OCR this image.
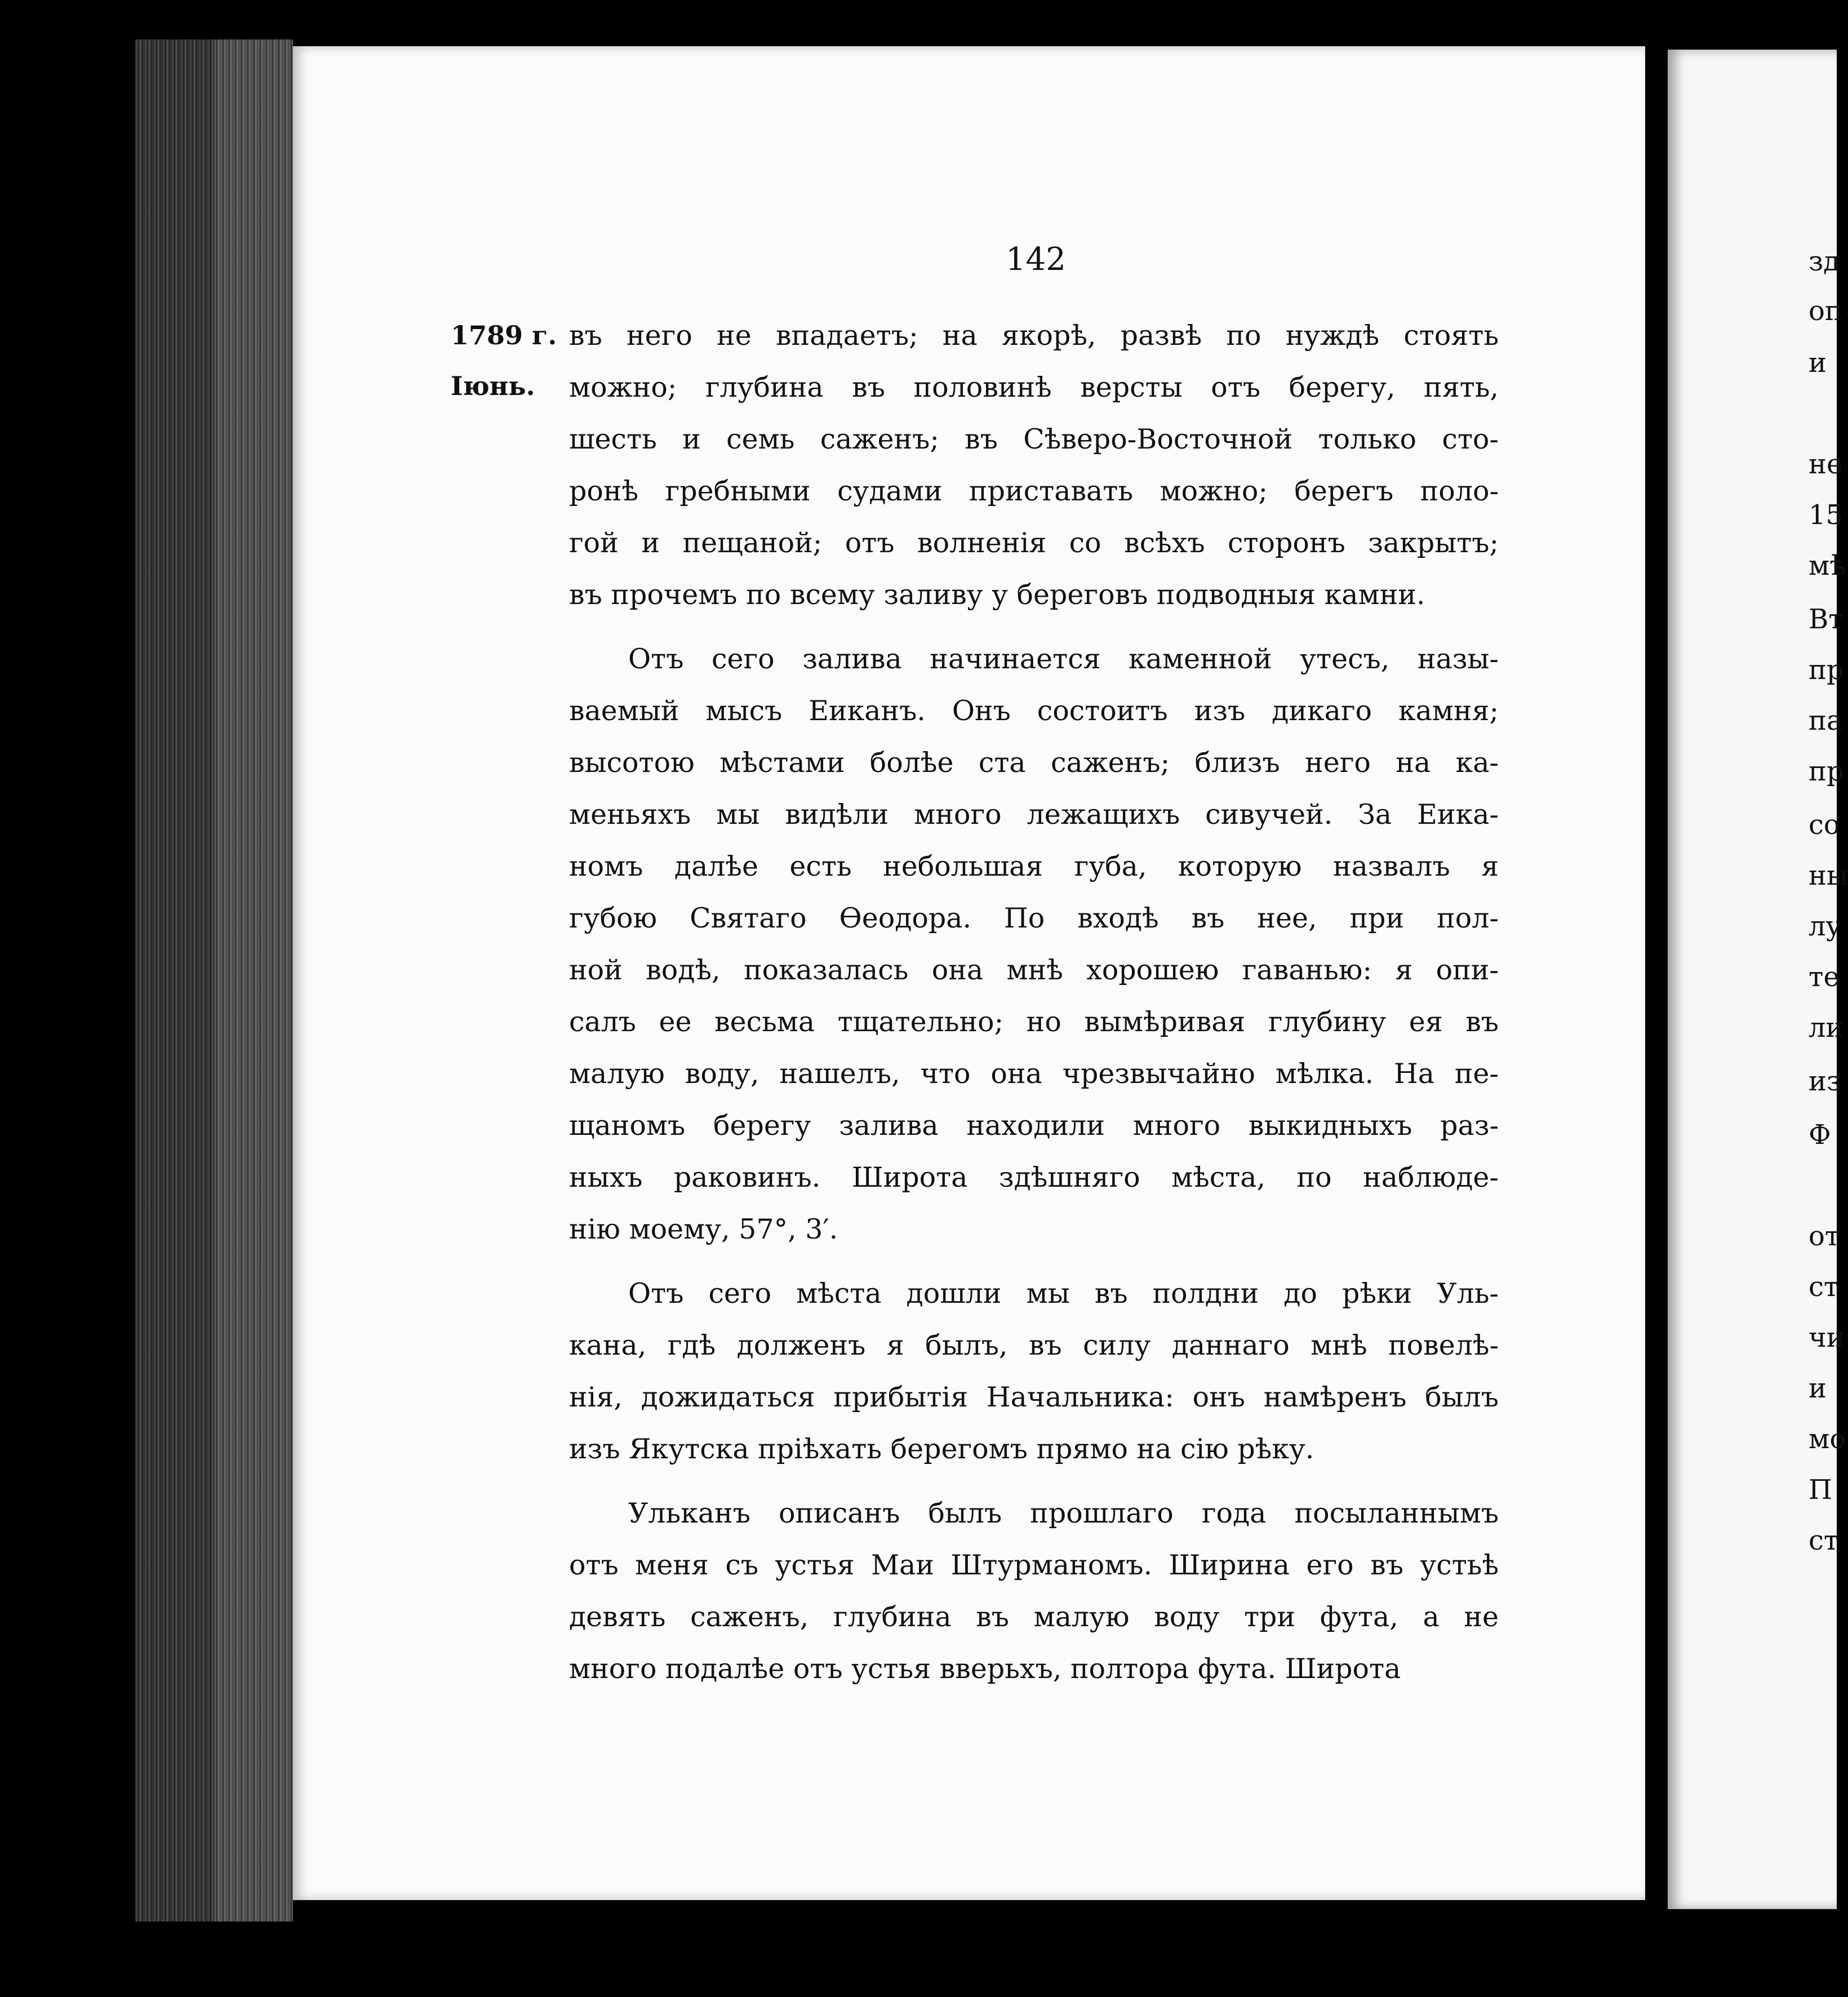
зд
оп
и
не
15
мѣ
Вт
пр
па
пр
со
ны
лу
те
ли
из
Ф
от
ст
чи
и
мо
П
ст
142
1789 г.
Іюнь.
въ него не впадаетъ; на якорѣ, развѣ по нуждѣ стоять
можно; глубина въ половинѣ версты отъ берегу, пять,
шесть и семь саженъ; въ Сѣверо-Восточной только сто-
ронѣ гребными судами приставать можно; берегъ поло-
гой и пещаной; отъ волненія со всѣхъ сторонъ закрытъ;
въ прочемъ по всему заливу у береговъ подводныя камни.
Отъ сего залива начинается каменной утесъ, назы-
ваемый мысъ Еиканъ. Онъ состоитъ изъ дикаго камня;
высотою мѣстами болѣе ста саженъ; близъ него на ка-
меньяхъ мы видѣли много лежащихъ сивучей. За Еика-
номъ далѣе есть небольшая губа, которую назвалъ я
губою Святаго Ѳеодора. По входѣ въ нее, при пол-
ной водѣ, показалась она мнѣ хорошею гаванью: я опи-
салъ ее весьма тщательно; но вымѣривая глубину ея въ
малую воду, нашелъ, что она чрезвычайно мѣлка. На пе-
щаномъ берегу залива находили много выкидныхъ раз-
ныхъ раковинъ. Широта здѣшняго мѣста, по наблюде-
нію моему, 57°, 3′.
Отъ сего мѣста дошли мы въ полдни до рѣки Уль-
кана, гдѣ долженъ я былъ, въ силу даннаго мнѣ повелѣ-
нія, дожидаться прибытія Начальника: онъ намѣренъ былъ
изъ Якутска пріѣхать берегомъ прямо на сію рѣку.
Ульканъ описанъ былъ прошлаго года посыланнымъ
отъ меня съ устья Маи Штурманомъ. Ширина его въ устьѣ
девять саженъ, глубина въ малую воду три фута, а не
много подалѣе отъ устья вверьхъ, полтора фута. Широта
